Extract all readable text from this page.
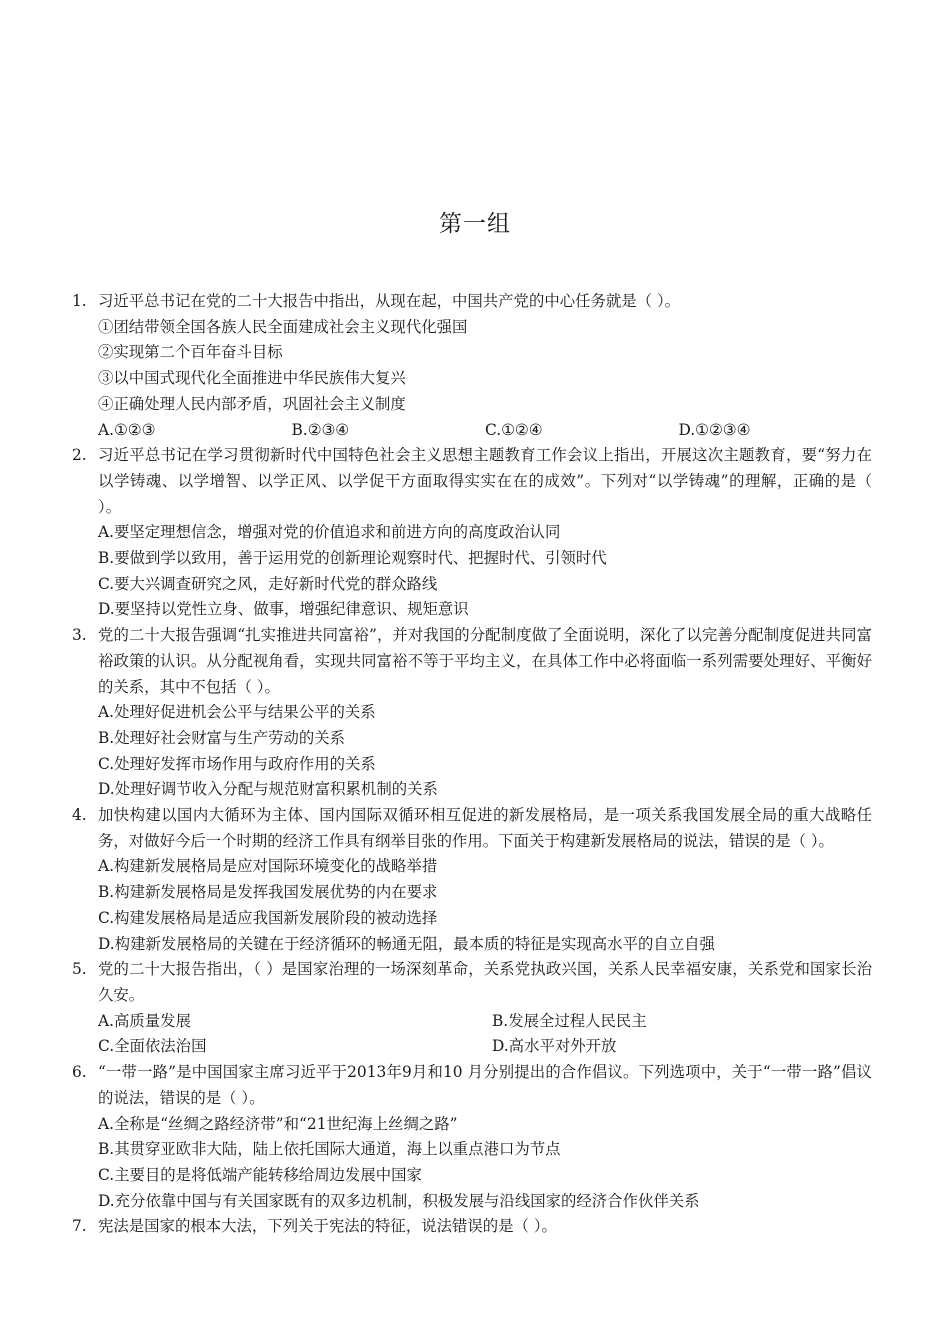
第一组
1. 习近平总书记在党的二十大报告中指出，从现在起，中国共产党的中心任务就是（ ）。
①团结带领全国各族人民全面建成社会主义现代化强国
②实现第二个百年奋斗目标
③以中国式现代化全面推进中华民族伟大复兴
④正确处理人民内部矛盾，巩固社会主义制度
A.①②③	B.②③④	C.①②④	D.①②③④
2. 习近平总书记在学习贯彻新时代中国特色社会主义思想主题教育工作会议上指出，开展这次主题教育，要“努力在以学铸魂、以学增智、以学正风、以学促干方面取得实实在在的成效”。下列对“以学铸魂”的理解，正确的是（ ）。
A.要坚定理想信念，增强对党的价值追求和前进方向的高度政治认同
B.要做到学以致用，善于运用党的创新理论观察时代、把握时代、引领时代
C.要大兴调查研究之风，走好新时代党的群众路线
D.要坚持以党性立身、做事，增强纪律意识、规矩意识
3. 党的二十大报告强调“扎实推进共同富裕”，并对我国的分配制度做了全面说明，深化了以完善分配制度促进共同富裕政策的认识。从分配视角看，实现共同富裕不等于平均主义，在具体工作中必将面临一系列需要处理好、平衡好的关系，其中不包括（ ）。
A.处理好促进机会公平与结果公平的关系
B.处理好社会财富与生产劳动的关系
C.处理好发挥市场作用与政府作用的关系
D.处理好调节收入分配与规范财富积累机制的关系
4. 加快构建以国内大循环为主体、国内国际双循环相互促进的新发展格局，是一项关系我国发展全局的重大战略任务，对做好今后一个时期的经济工作具有纲举目张的作用。下面关于构建新发展格局的说法，错误的是（ ）。
A.构建新发展格局是应对国际环境变化的战略举措
B.构建新发展格局是发挥我国发展优势的内在要求
C.构建发展格局是适应我国新发展阶段的被动选择
D.构建新发展格局的关键在于经济循环的畅通无阻，最本质的特征是实现高水平的自立自强
5. 党的二十大报告指出，（ ）是国家治理的一场深刻革命，关系党执政兴国，关系人民幸福安康，关系党和国家长治久安。
A.高质量发展	B.发展全过程人民民主
C.全面依法治国	D.高水平对外开放
6. “一带一路”是中国国家主席习近平于2013年9月和10 月分别提出的合作倡议。下列选项中，关于“一带一路”倡议的说法，错误的是（ ）。
A.全称是“丝绸之路经济带”和“21世纪海上丝绸之路”
B.其贯穿亚欧非大陆，陆上依托国际大通道，海上以重点港口为节点
C.主要目的是将低端产能转移给周边发展中国家
D.充分依靠中国与有关国家既有的双多边机制，积极发展与沿线国家的经济合作伙伴关系
7. 宪法是国家的根本大法，下列关于宪法的特征，说法错误的是（ ）。
